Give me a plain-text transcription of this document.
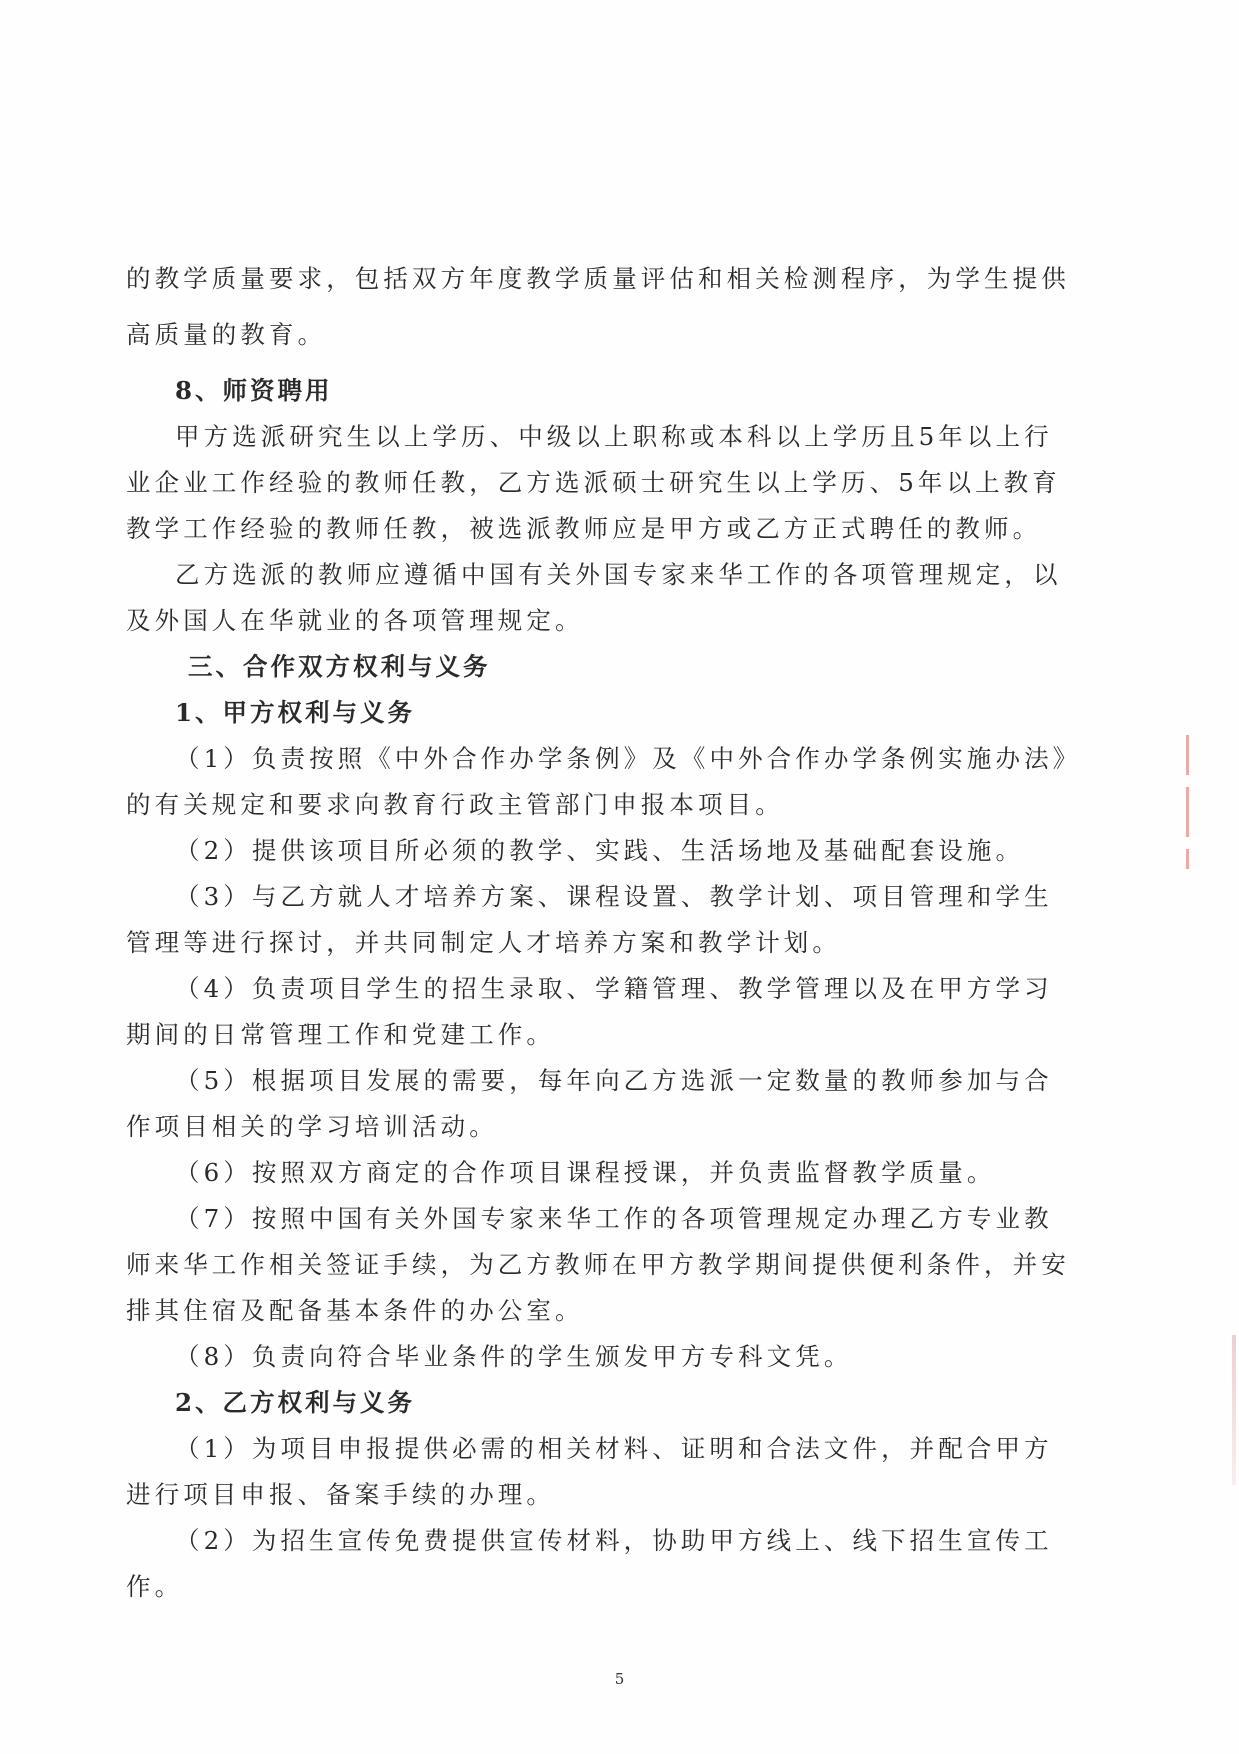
的教学质量要求，包括双方年度教学质量评估和相关检测程序，为学生提供

高质量的教育。

8、师资聘用

甲方选派研究生以上学历、中级以上职称或本科以上学历且5年以上行

业企业工作经验的教师任教，乙方选派硕士研究生以上学历、5年以上教育

教学工作经验的教师任教，被选派教师应是甲方或乙方正式聘任的教师。

乙方选派的教师应遵循中国有关外国专家来华工作的各项管理规定，以

及外国人在华就业的各项管理规定。

三、合作双方权利与义务

1、甲方权利与义务

（1）负责按照《中外合作办学条例》及《中外合作办学条例实施办法》

的有关规定和要求向教育行政主管部门申报本项目。

（2）提供该项目所必须的教学、实践、生活场地及基础配套设施。

（3）与乙方就人才培养方案、课程设置、教学计划、项目管理和学生

管理等进行探讨，并共同制定人才培养方案和教学计划。

（4）负责项目学生的招生录取、学籍管理、教学管理以及在甲方学习

期间的日常管理工作和党建工作。

（5）根据项目发展的需要，每年向乙方选派一定数量的教师参加与合

作项目相关的学习培训活动。

（6）按照双方商定的合作项目课程授课，并负责监督教学质量。

（7）按照中国有关外国专家来华工作的各项管理规定办理乙方专业教

师来华工作相关签证手续，为乙方教师在甲方教学期间提供便利条件，并安

排其住宿及配备基本条件的办公室。

（8）负责向符合毕业条件的学生颁发甲方专科文凭。

2、乙方权利与义务

（1）为项目申报提供必需的相关材料、证明和合法文件，并配合甲方

进行项目申报、备案手续的办理。

（2）为招生宣传免费提供宣传材料，协助甲方线上、线下招生宣传工

作。

5
